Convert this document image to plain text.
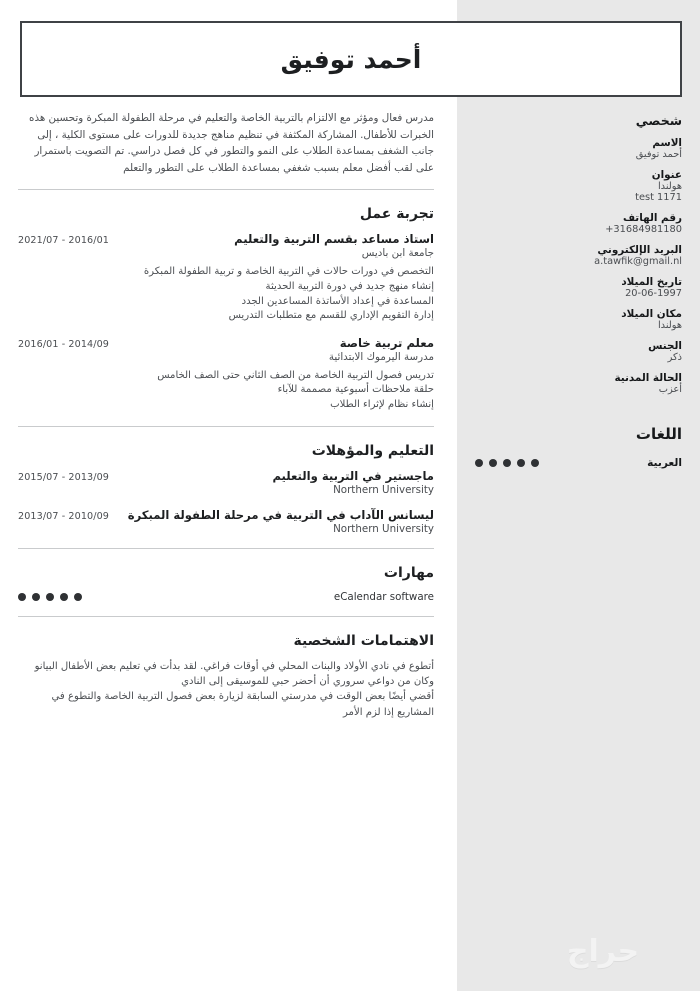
أحمد توفيق
مدرس فعال ومؤثر مع الالتزام بالتربية الخاصة والتعليم في مرحلة الطفولة المبكرة وتحسين هذه الخبرات للأطفال. المشاركة المكثفة في تنظيم مناهج جديدة للدورات على مستوى الكلية ، إلى جانب الشغف بمساعدة الطلاب على النمو والتطور في كل فصل دراسي. تم التصويت باستمرار على لقب أفضل معلم بسبب شغفي بمساعدة الطلاب على التطور والتعلم
تجربة عمل
استاذ مساعد بقسم التربية والتعليم
2021/07 - 2016/01
جامعة ابن باديس
التخصص في دورات حالات في التربية الخاصة و تربية الطفولة المبكرة
إنشاء منهج جديد في دورة التربية الحديثة
المساعدة في إعداد الأساتذة المساعدين الجدد
إدارة التقويم الإداري للقسم مع متطلبات التدريس
معلم تربية خاصة
2016/01 - 2014/09
مدرسة اليرموك الابتدائية
تدريس فصول التربية الخاصة من الصف الثاني حتى الصف الخامس
حلقة ملاحظات أسبوعية مصممة للآباء
إنشاء نظام لإثراء الطلاب
التعليم والمؤهلات
ماجستير في التربية والتعليم
2015/07 - 2013/09
Northern University
ليسانس الآداب في التربية في مرحلة الطفولة المبكرة
2013/07 - 2010/09
Northern University
مهارات
eCalendar software
الاهتمامات الشخصية
أتطوع في نادي الأولاد والبنات المحلي في أوقات فراغي. لقد بدأت في تعليم بعض الأطفال البيانو وكان من دواعي سروري أن أحضر حبي للموسيقى إلى النادي
أقضي أيضًا بعض الوقت في مدرستي السابقة لزيارة بعض فصول التربية الخاصة والتطوع في المشاريع إذا لزم الأمر
شخصي
الاسم
أحمد توفيق
عنوان
هولندا
test 1171
رقم الهاتف
+31684981180
البريد الإلكتروني
a.tawfik@gmail.nl
تاريخ الميلاد
20-06-1997
مكان الميلاد
هولندا
الجنس
ذكر
الحالة المدنية
أعزب
اللغات
العربية
حراج
